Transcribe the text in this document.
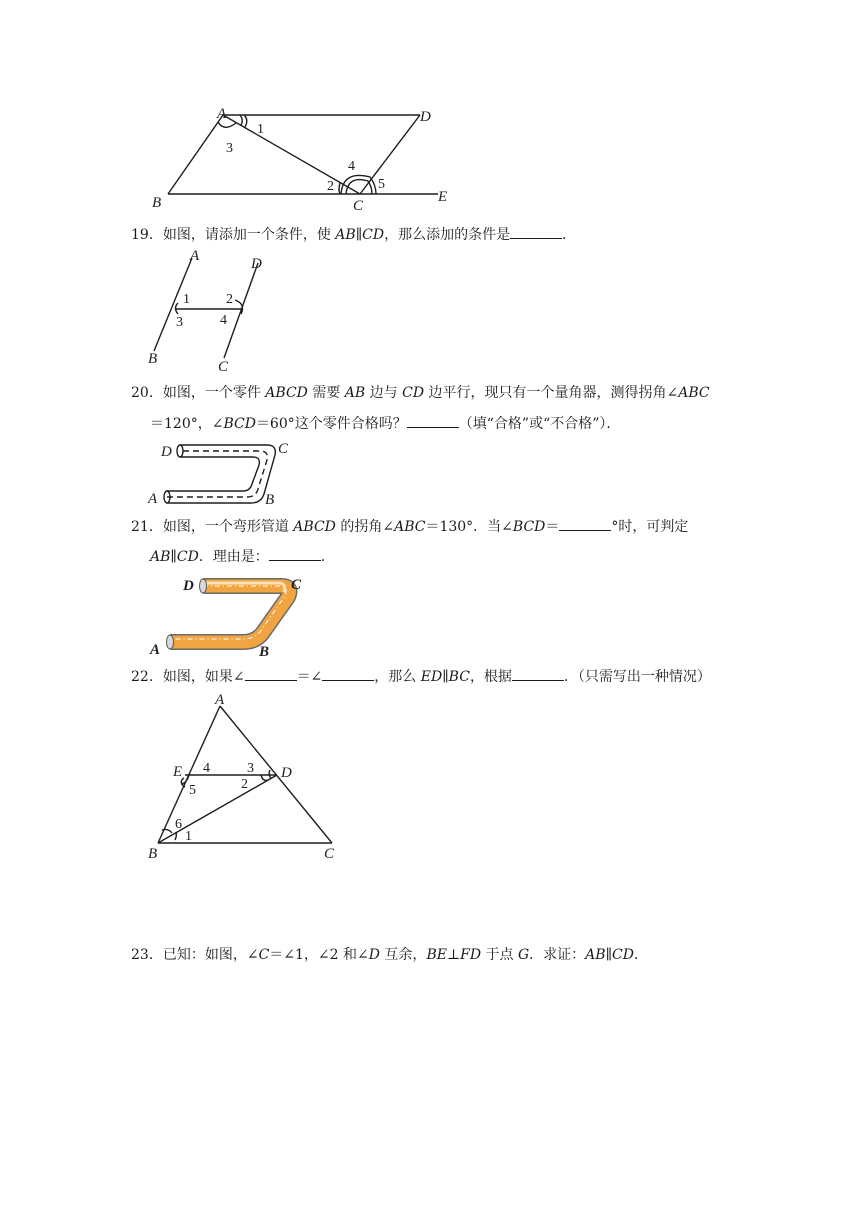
A	D
B	C
E
1
3
2
4
5
19．如图，请添加一个条件，使 AB∥CD，那么添加的条件是	．
A	D
B	C
1
3
2
4
20．如图，一个零件 ABCD 需要 AB 边与 CD 边平行，现只有一个量角器，测得拐角∠ABC
＝120°，∠BCD＝60°这个零件合格吗？	（填“合格”或“不合格”）．
D	C
A	B
21．如图，一个弯形管道 ABCD 的拐角∠ABC＝130°．当∠BCD＝	°时，可判定
AB∥CD．理由是：	．
D	C
A	B
22．如图，如果∠	＝∠	，那么 ED∥BC，根据	．（只需写出一种情况）
A
E	D
B	C
4	3
5	2
6
1
23．已知：如图，∠C＝∠1，∠2 和∠D 互余，BE⊥FD 于点 G．求证：AB∥CD．
